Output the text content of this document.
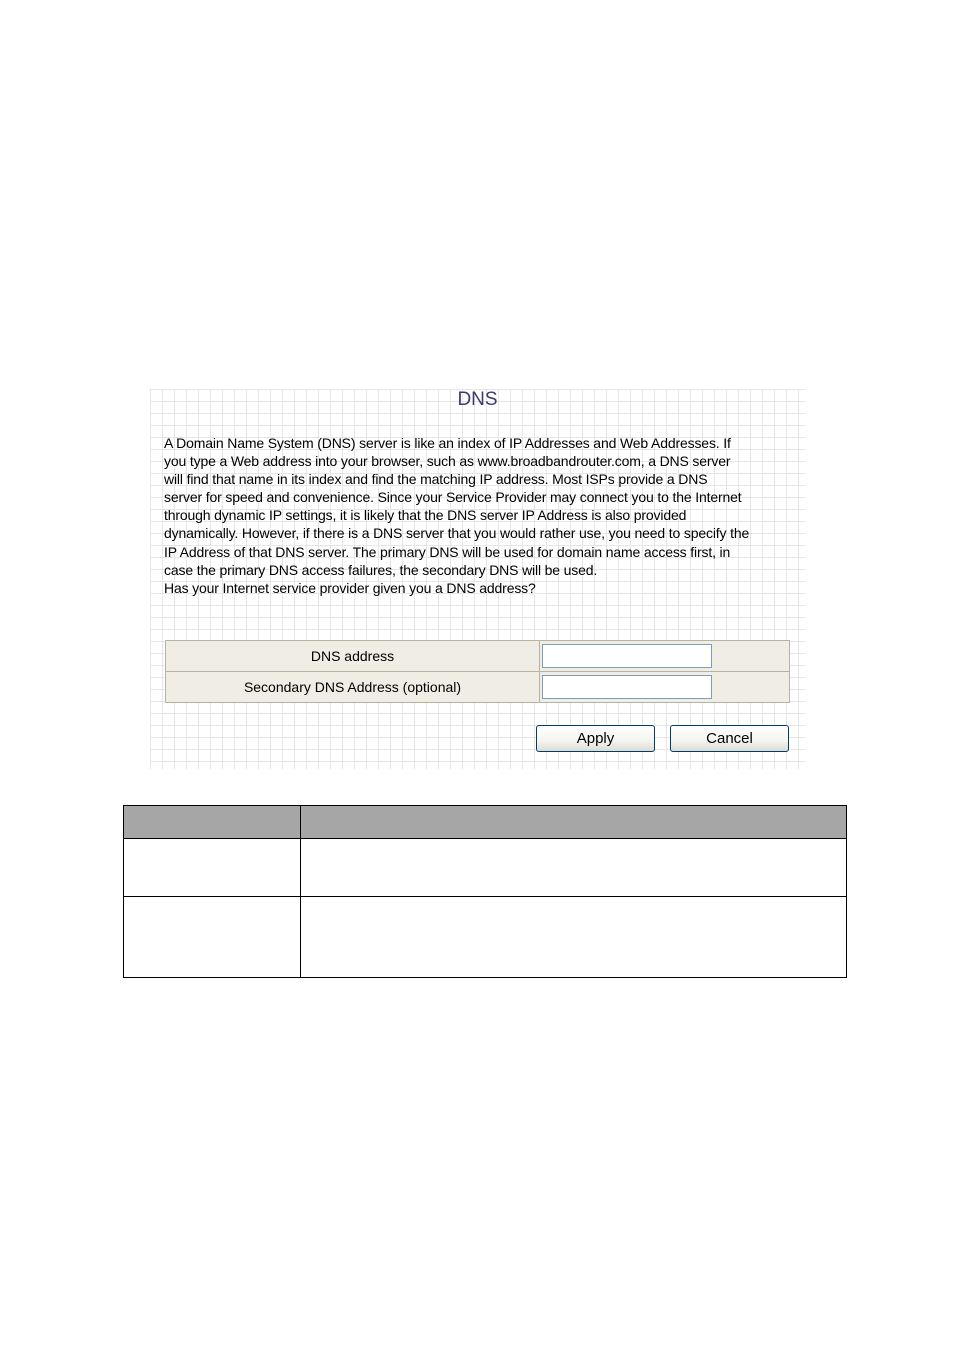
DNS

A Domain Name System (DNS) server is like an index of IP Addresses and Web Addresses. If
you type a Web address into your browser, such as www.broadbandrouter.com, a DNS server
will find that name in its index and find the matching IP address. Most ISPs provide a DNS
server for speed and convenience. Since your Service Provider may connect you to the Internet
through dynamic IP settings, it is likely that the DNS server IP Address is also provided
dynamically. However, if there is a DNS server that you would rather use, you need to specify the
IP Address of that DNS server. The primary DNS will be used for domain name access first, in
case the primary DNS access failures, the secondary DNS will be used.
Has your Internet service provider given you a DNS address?

DNS address	

Secondary DNS Address (optional)	
Apply	Cancel
